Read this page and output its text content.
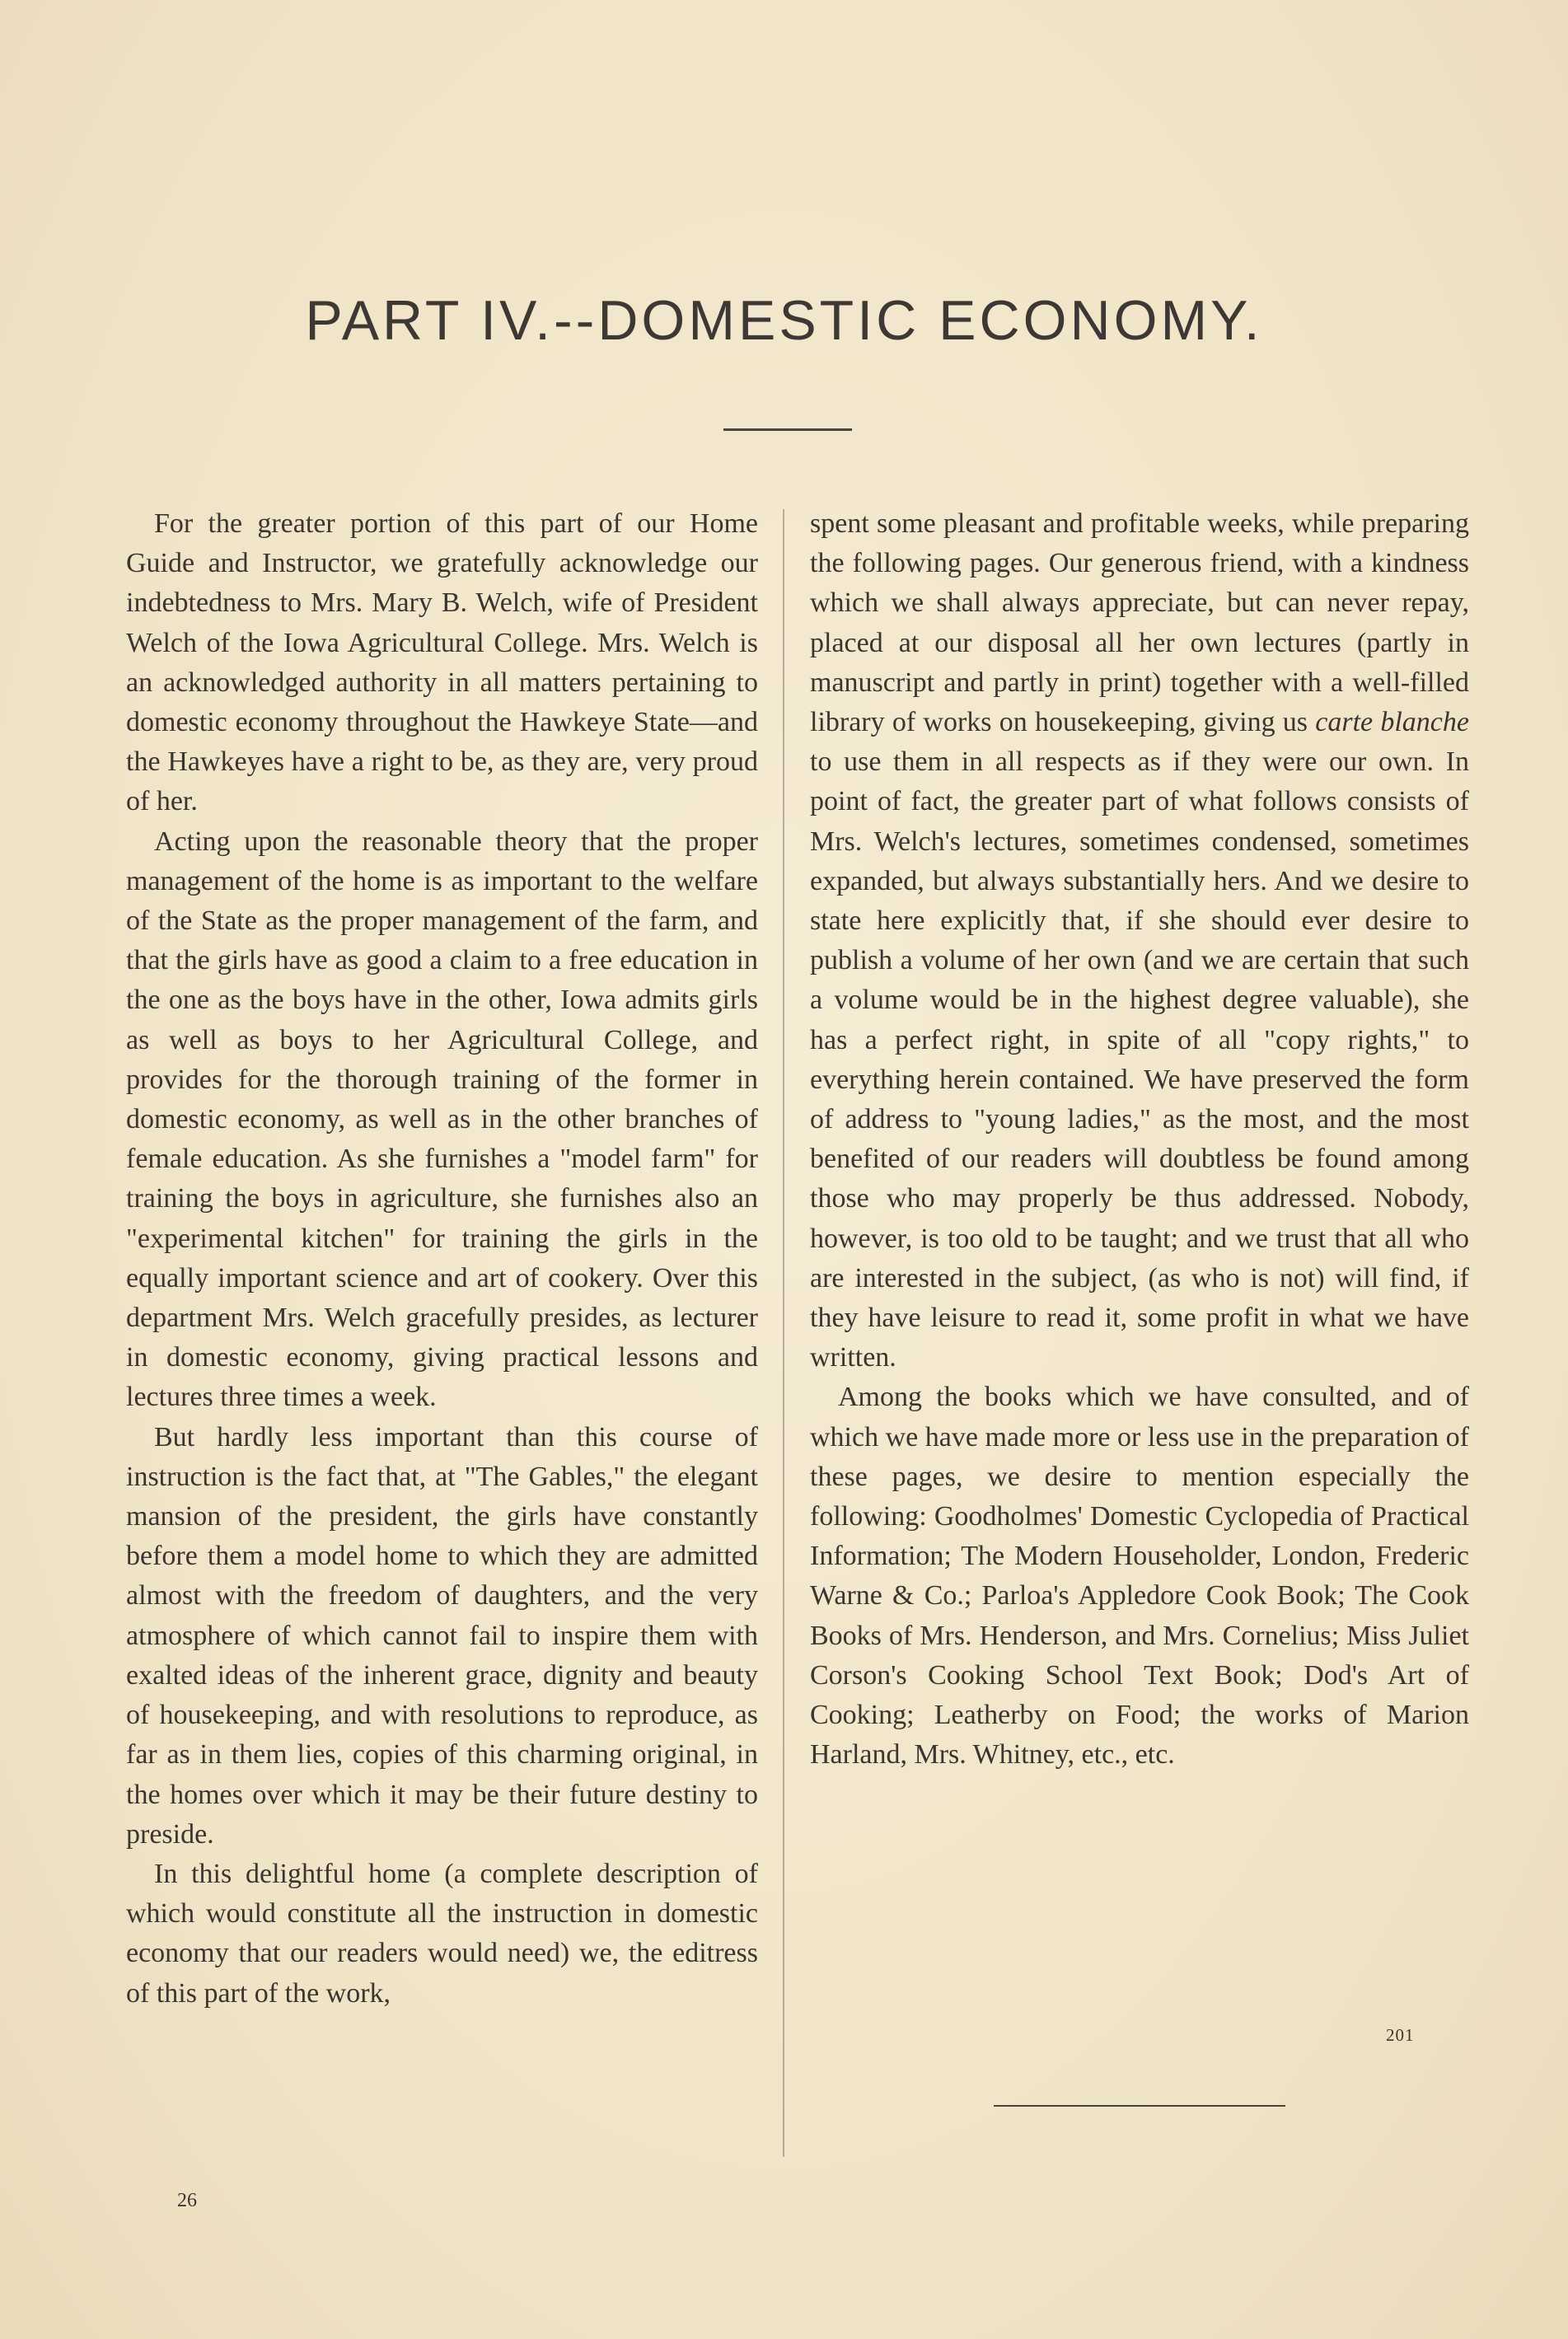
PART IV.--DOMESTIC ECONOMY.

For the greater portion of this part of our Home Guide and Instructor, we gratefully acknowledge our indebtedness to Mrs. Mary B. Welch, wife of President Welch of the Iowa Agricultural College. Mrs. Welch is an acknowledged authority in all matters pertaining to domestic economy throughout the Hawkeye State—and the Hawkeyes have a right to be, as they are, very proud of her.

Acting upon the reasonable theory that the proper management of the home is as important to the welfare of the State as the proper management of the farm, and that the girls have as good a claim to a free education in the one as the boys have in the other, Iowa admits girls as well as boys to her Agricultural College, and provides for the thorough training of the former in domestic economy, as well as in the other branches of female education. As she furnishes a "model farm" for training the boys in agriculture, she furnishes also an "experimental kitchen" for training the girls in the equally important science and art of cookery. Over this department Mrs. Welch gracefully presides, as lecturer in domestic economy, giving practical lessons and lectures three times a week.

But hardly less important than this course of instruction is the fact that, at "The Gables," the elegant mansion of the president, the girls have constantly before them a model home to which they are admitted almost with the freedom of daughters, and the very atmosphere of which cannot fail to inspire them with exalted ideas of the inherent grace, dignity and beauty of housekeeping, and with resolutions to reproduce, as far as in them lies, copies of this charming original, in the homes over which it may be their future destiny to preside.

In this delightful home (a complete description of which would constitute all the instruction in domestic economy that our readers would need) we, the editress of this part of the work,

spent some pleasant and profitable weeks, while preparing the following pages. Our generous friend, with a kindness which we shall always appreciate, but can never repay, placed at our disposal all her own lectures (partly in manuscript and partly in print) together with a well-filled library of works on housekeeping, giving us carte blanche to use them in all respects as if they were our own. In point of fact, the greater part of what follows consists of Mrs. Welch's lectures, sometimes condensed, sometimes expanded, but always substantially hers. And we desire to state here explicitly that, if she should ever desire to publish a volume of her own (and we are certain that such a volume would be in the highest degree valuable), she has a perfect right, in spite of all "copy rights," to everything herein contained. We have preserved the form of address to "young ladies," as the most, and the most benefited of our readers will doubtless be found among those who may properly be thus addressed. Nobody, however, is too old to be taught; and we trust that all who are interested in the subject, (as who is not) will find, if they have leisure to read it, some profit in what we have written.

Among the books which we have consulted, and of which we have made more or less use in the preparation of these pages, we desire to mention especially the following: Goodholmes' Domestic Cyclopedia of Practical Information; The Modern Householder, London, Frederic Warne & Co.; Parloa's Appledore Cook Book; The Cook Books of Mrs. Henderson, and Mrs. Cornelius; Miss Juliet Corson's Cooking School Text Book; Dod's Art of Cooking; Leatherby on Food; the works of Marion Harland, Mrs. Whitney, etc., etc.

201
26
